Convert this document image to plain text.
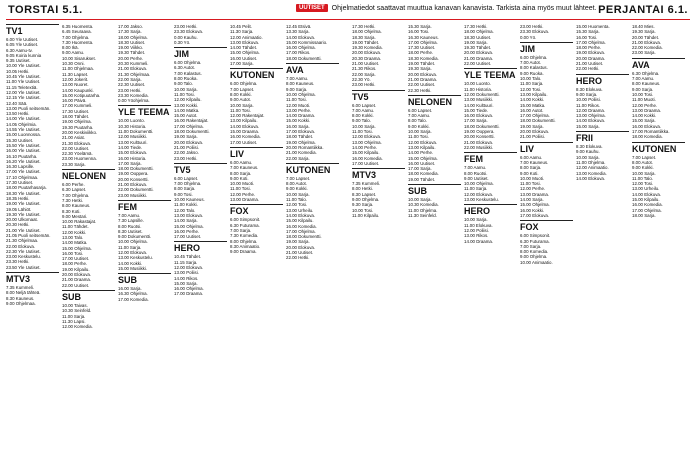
TORSTAI 5.1.	UUTISET	Ohjelmatiedot saattavat muuttua kanavan kanavista. Tarkista aina myös muut lähteet. PERJANTAI 6.1.
TV1
6.00 Yle Uutiset.
6.05 Yle Uutiset.
6.30 Aamu-tv.
9.05 Koiria kunnia
9.35 Uutiset.
10.00 Yle Uutiset.
10.05 Hetki.
10.45 Yle Uutiset.
11.00 Yle Uutiset.
11.15 Teletextiä.
12.00 Yle Uutiset.
12.15 Yle Uutiset.
12.40 Sää.
13.00 Puoli seitsemän.
13.50 Hetki.
14.00 Yle Uutiset.
14.05 Ohjelmia.
14.55 Yle Uutiset.
15.00 Luonnossa.
15.30 Uutiset.
15.50 Yle Uutiset.
16.00 Yle Uutiset.
16.10 Puutarha.
16.20 Yle Uutiset.
16.30 Lapsille.
17.00 Yle Uutiset.
17.10 Ohjelmaa.
17.30 Uutiset.
18.00 Puutarhasarja.
18.30 Yle Uutiset.
18.35 Hetki.
19.00 Yle Uutiset.
19.05 Lähiöt.
19.30 Yle Uutiset.
20.00 Ulkomaat.
20.30 Hetki.
21.00 Yle Uutiset.
21.05 Puoli seitsemän.
21.30 Ohjelmaa.
22.00 Elokuva.
22.30 Yle Uutiset.
23.00 Keskustelu.
23.30 Hetki.
23.50 Yle Uutiset.
MTV3
7.35 Kummeli.
8.00 Neljä tähteä.
8.30 Kauneus.
9.00 Ohjelmaa.
6.35 Huomenta.
6.45 Seuraava.
7.00 Ohjelma.
7.30 Huomenta.
8.00 Ikä.
9.00 Aamu.
10.00 Sisarukset.
10.30 Onni.
11.00 Ohjelmaa.
11.30 Lapset.
12.00 Jokerit.
13.00 Nuoret.
14.00 Kaupunki.
15.00 Kotipuutarha.
16.00 Päivä.
17.00 Kummeli.
17.30 Uutiset.
18.00 Tähdet.
19.00 Ohjelma.
19.30 Puutarha.
20.00 Keskiviikko.
21.00 Asiat.
21.30 Elokuva.
22.00 Uutiset.
22.30 Yöelämä.
23.00 Huomenna.
23.30 Sarja.
NELONEN
6.00 Perhe.
6.30 Lapset.
7.00 Ohjelma.
7.30 Hetki.
8.00 Kauneus.
8.30 Koti.
9.00 Mestari.
10.00 Rakastajat.
11.00 Tähdet.
12.00 Kokki.
13.00 Talo.
14.00 Matka.
15.00 Ohjelma.
16.00 Tosi.
17.00 Uutiset.
18.00 Perhe.
19.00 Kilpailu.
20.00 Elokuva.
21.00 Draama.
22.00 Uutiset.
SUB
10.00 Taivas.
10.30 Seinfeld.
11.00 Sarja.
11.30 Lapsi.
12.00 Komedia.
17.00 Jakso.
17.30 Sarja.
18.00 Ohjelma.
18.30 Uutiset.
19.00 Viikko.
19.30 Tähdet.
20.00 Perhe.
20.30 Kummeli.
21.00 Elokuva.
21.30 Ohjelmaa.
22.00 Sarja.
22.30 Uutiset.
23.00 Hetki.
23.30 Komedia.
0.00 Yöohjelma.
YLE TEEMA
10.00 Luonto.
10.30 Historia.
11.00 Dokumentti.
12.00 Musiikki.
13.00 Kulttuuri.
14.00 Tiede.
15.00 Elokuva.
16.00 Historia.
17.00 Sarja.
18.00 Dokumentti.
19.00 Ooppera.
20.00 Konsertti.
21.00 Elokuva.
22.00 Dokumentti.
23.00 Musiikki.
FEM
7.00 Aamu.
7.30 Lapsille.
8.00 Ruotsi.
8.30 Uutiset.
9.00 Dokumentti.
10.00 Ohjelma.
11.00 Sarja.
12.00 Elokuva.
13.00 Keskustelu.
14.00 Kokki.
15.00 Musiikki.
SUB
16.00 Sarja.
16.30 Ohjelma.
17.00 Komedia.
23.00 Hetki.
23.30 Elokuva.
0.00 Kauhu.
0.30 Yö.
JIM
6.00 Ohjelma.
6.30 Autot.
7.00 Kalastus.
8.00 Ruoka.
9.00 Talo.
10.00 Sarja.
11.00 Tosi.
12.00 Kilpailu.
13.00 Kokki.
14.00 Matka.
15.00 Autot.
16.00 Rakentajat.
17.00 Ohjelma.
18.00 Dokumentti.
19.00 Sarja.
20.00 Elokuva.
21.00 Poliisi.
22.00 Jakso.
23.00 Hetki.
TV5
6.00 Lapset.
7.00 Ohjelma.
8.00 Sarja.
9.00 Tosi.
10.00 Kauneus.
11.00 Kokki.
12.00 Talo.
13.00 Elokuva.
14.00 Sarja.
15.00 Ohjelma.
16.00 Perhe.
17.00 Uutiset.
HERO
10.45 Tähdet.
11.15 Sarja.
12.00 Elokuva.
13.00 Poliisi.
14.00 Rikos.
15.00 Sarja.
16.00 Ohjelma.
17.00 Draama.
10.45 Pelit.
11.30 Sarja.
12.00 Animaatio.
13.00 Elokuva.
14.00 Tähdet.
15.00 Ohjelma.
16.00 Uutiset.
17.00 Sarja.
KUTONEN
6.00 Ohjelma.
7.00 Lapset.
8.00 Kokki.
9.00 Autot.
10.00 Sarja.
11.00 Tosi.
12.00 Rakentajat.
13.00 Kilpailu.
14.00 Elokuva.
15.00 Draama.
16.00 Komedia.
17.00 Uutiset.
LIV
6.00 Aamu.
7.00 Kauneus.
8.00 Sarja.
9.00 Koti.
10.00 Muoti.
11.00 Tosi.
12.00 Perhe.
13.00 Draama.
FOX
6.00 Simpsonit.
6.30 Futurama.
7.00 Sarja.
7.30 Komedia.
8.00 Ohjelma.
8.30 Animaatio.
9.00 Draama.
12.45 Etsivä.
13.30 Sarja.
14.00 Elokuva.
15.00 Kommissaario.
16.00 Ohjelma.
17.00 Rikos.
18.00 Dokumentti.
AVA
7.00 Aamu.
8.00 Kauneus.
9.00 Sarja.
10.00 Ohjelma.
11.00 Tosi.
12.00 Muoti.
13.00 Perhe.
14.00 Draama.
15.00 Kokki.
16.00 Sarja.
17.00 Elokuva.
18.00 Tähdet.
19.00 Ohjelma.
20.00 Romantiikka.
21.00 Komedia.
22.00 Sarja.
KUTONEN
7.00 Lapset.
8.00 Autot.
9.00 Kokki.
10.00 Sarja.
11.00 Talo.
12.00 Tosi.
13.00 Urheilu.
14.00 Elokuva.
15.00 Kilpailu.
16.00 Komedia.
17.00 Ohjelma.
18.00 Dokumentti.
19.00 Sarja.
20.00 Elokuva.
21.00 Uutiset.
22.00 Hetki.
17.30 Hetki.
18.00 Ohjelma.
18.30 Sarja.
19.00 Tähdet.
19.30 Komedia.
20.00 Elokuva.
20.30 Draama.
21.00 Uutiset.
21.30 Rikos.
22.00 Sarja.
22.30 Yö.
23.00 Hetki.
TV5
6.00 Lapset.
7.00 Aamu.
8.00 Kokki.
9.00 Talo.
10.00 Sarja.
11.00 Tosi.
12.00 Elokuva.
13.00 Ohjelma.
14.00 Perhe.
15.00 Kilpailu.
16.00 Komedia.
17.00 Uutiset.
MTV3
7.35 Kummeli.
8.00 Hetki.
8.30 Lapset.
9.00 Ohjelma.
9.30 Sarja.
10.00 Tosi.
11.00 Kilpailu.
15.30 Sarja.
16.00 Tosi.
16.30 Kauneus.
17.00 Ohjelma.
17.30 Uutiset.
18.00 Perhe.
18.30 Komedia.
19.00 Tähdet.
19.30 Sarja.
20.00 Elokuva.
21.00 Draama.
22.00 Uutiset.
22.30 Hetki.
NELONEN
6.00 Lapset.
7.00 Aamu.
8.00 Talo.
9.00 Kokki.
10.00 Sarja.
11.00 Tosi.
12.00 Elokuva.
13.00 Kilpailu.
14.00 Perhe.
15.00 Ohjelma.
16.00 Uutiset.
17.00 Sarja.
18.00 Komedia.
19.00 Tähdet.
SUB
10.00 Sarja.
10.30 Komedia.
11.00 Ohjelma.
11.30 Seinfeld.
17.30 Hetki.
18.00 Ohjelma.
18.30 Uutiset.
19.00 Sarja.
19.30 Tähdet.
20.00 Elokuva.
21.00 Draama.
22.00 Uutiset.
YLE TEEMA
10.00 Luonto.
11.00 Historia.
12.00 Dokumentti.
13.00 Musiikki.
14.00 Kulttuuri.
15.00 Tiede.
16.00 Elokuva.
17.00 Sarja.
18.00 Dokumentti.
19.00 Ooppera.
20.00 Konsertti.
21.00 Elokuva.
22.00 Musiikki.
FEM
7.00 Aamu.
8.00 Ruotsi.
9.00 Uutiset.
10.00 Ohjelma.
11.00 Sarja.
12.00 Elokuva.
13.00 Keskustelu.
HERO
10.00 Sarja.
11.00 Elokuva.
12.00 Poliisi.
13.00 Rikos.
14.00 Draama.
23.00 Hetki.
23.30 Elokuva.
0.00 Yö.
JIM
6.00 Ohjelma.
7.00 Autot.
8.00 Kalastus.
9.00 Ruoka.
10.00 Talo.
11.00 Sarja.
12.00 Tosi.
13.00 Kilpailu.
14.00 Kokki.
15.00 Matka.
16.00 Autot.
17.00 Ohjelma.
18.00 Dokumentti.
19.00 Sarja.
20.00 Elokuva.
21.00 Poliisi.
LIV
6.00 Aamu.
7.00 Kauneus.
8.00 Sarja.
9.00 Koti.
10.00 Muoti.
11.00 Tosi.
12.00 Perhe.
13.00 Draama.
14.00 Sarja.
15.00 Ohjelma.
16.00 Kokki.
17.00 Elokuva.
FOX
6.00 Simpsonit.
6.30 Futurama.
7.00 Sarja.
8.00 Komedia.
9.00 Ohjelma.
10.00 Animaatio.
15.00 Huomenta.
15.30 Sarja.
16.00 Tosi.
17.00 Ohjelma.
18.00 Perhe.
19.00 Elokuva.
20.00 Draama.
21.00 Uutiset.
22.00 Hetki.
HERO
8.30 Elokuva.
9.00 Sarja.
10.00 Poliisi.
11.00 Rikos.
12.00 Draama.
13.00 Ohjelma.
14.00 Elokuva.
15.00 Sarja.
FRII
8.30 Elokuva.
9.00 Kauhu.
10.00 Sarja.
11.00 Ohjelma.
12.00 Animaatio.
13.00 Komedia.
14.00 Elokuva.
18.40 Mies.
19.30 Sarja.
20.00 Tähdet.
21.00 Elokuva.
22.00 Komedia.
23.00 Sarja.
AVA
6.30 Ohjelma.
7.00 Aamu.
8.00 Kauneus.
9.00 Sarja.
10.00 Tosi.
11.00 Muoti.
12.00 Perhe.
13.00 Draama.
14.00 Kokki.
15.00 Sarja.
16.00 Elokuva.
17.00 Romantiikka.
18.00 Komedia.
KUTONEN
7.00 Lapset.
8.00 Autot.
9.00 Kokki.
10.00 Sarja.
11.00 Talo.
12.00 Tosi.
13.00 Urheilu.
14.00 Elokuva.
15.00 Kilpailu.
16.00 Komedia.
17.00 Ohjelma.
18.00 Sarja.
